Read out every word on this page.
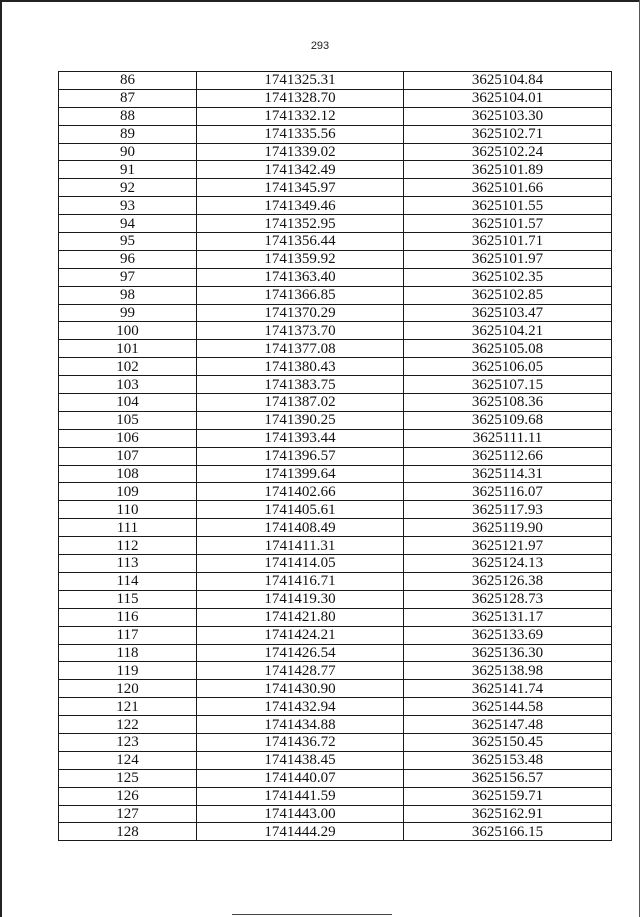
293
86	1741325.31	3625104.84
87	1741328.70	3625104.01
88	1741332.12	3625103.30
89	1741335.56	3625102.71
90	1741339.02	3625102.24
91	1741342.49	3625101.89
92	1741345.97	3625101.66
93	1741349.46	3625101.55
94	1741352.95	3625101.57
95	1741356.44	3625101.71
96	1741359.92	3625101.97
97	1741363.40	3625102.35
98	1741366.85	3625102.85
99	1741370.29	3625103.47
100	1741373.70	3625104.21
101	1741377.08	3625105.08
102	1741380.43	3625106.05
103	1741383.75	3625107.15
104	1741387.02	3625108.36
105	1741390.25	3625109.68
106	1741393.44	3625111.11
107	1741396.57	3625112.66
108	1741399.64	3625114.31
109	1741402.66	3625116.07
110	1741405.61	3625117.93
111	1741408.49	3625119.90
112	1741411.31	3625121.97
113	1741414.05	3625124.13
114	1741416.71	3625126.38
115	1741419.30	3625128.73
116	1741421.80	3625131.17
117	1741424.21	3625133.69
118	1741426.54	3625136.30
119	1741428.77	3625138.98
120	1741430.90	3625141.74
121	1741432.94	3625144.58
122	1741434.88	3625147.48
123	1741436.72	3625150.45
124	1741438.45	3625153.48
125	1741440.07	3625156.57
126	1741441.59	3625159.71
127	1741443.00	3625162.91
128	1741444.29	3625166.15
